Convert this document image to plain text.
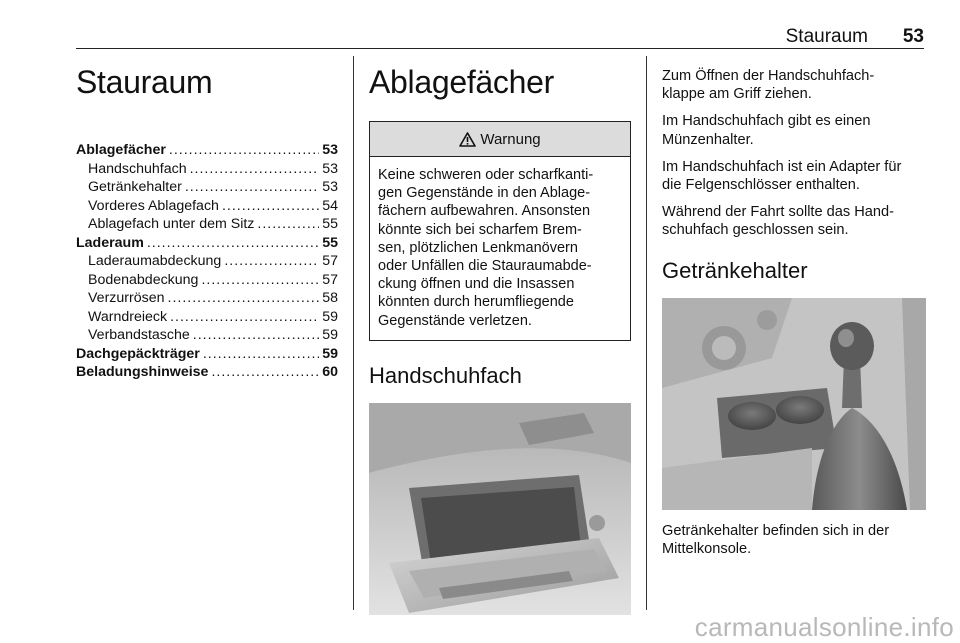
Stauraum 53
Stauraum
Ablagefächer .....	53
Handschuhfach .....	53
Getränkehalter .....	53
Vorderes Ablagefach .....	54
Ablagefach unter dem Sitz .....	55
Laderaum .....	55
Laderaumabdeckung .....	57
Bodenabdeckung .....	57
Verzurrösen .....	58
Warndreieck .....	59
Verbandstasche .....	59
Dachgepäckträger .....	59
Beladungshinweise .....	60
Ablagefächer
Warnung
Keine schweren oder scharfkanti-
gen Gegenstände in den Ablage-
fächern aufbewahren. Ansonsten
könnte sich bei scharfem Brem-
sen, plötzlichen Lenkmanövern
oder Unfällen die Stauraumabde-
ckung öffnen und die Insassen
könnten durch herumfliegende
Gegenstände verletzen.
Handschuhfach
Zum Öffnen der Handschuhfach-
klappe am Griff ziehen.
Im Handschuhfach gibt es einen
Münzenhalter.
Im Handschuhfach ist ein Adapter für
die Felgenschlösser enthalten.
Während der Fahrt sollte das Hand-
schuhfach geschlossen sein.
Getränkehalter
Getränkehalter befinden sich in der
Mittelkonsole.
carmanualsonline.info
